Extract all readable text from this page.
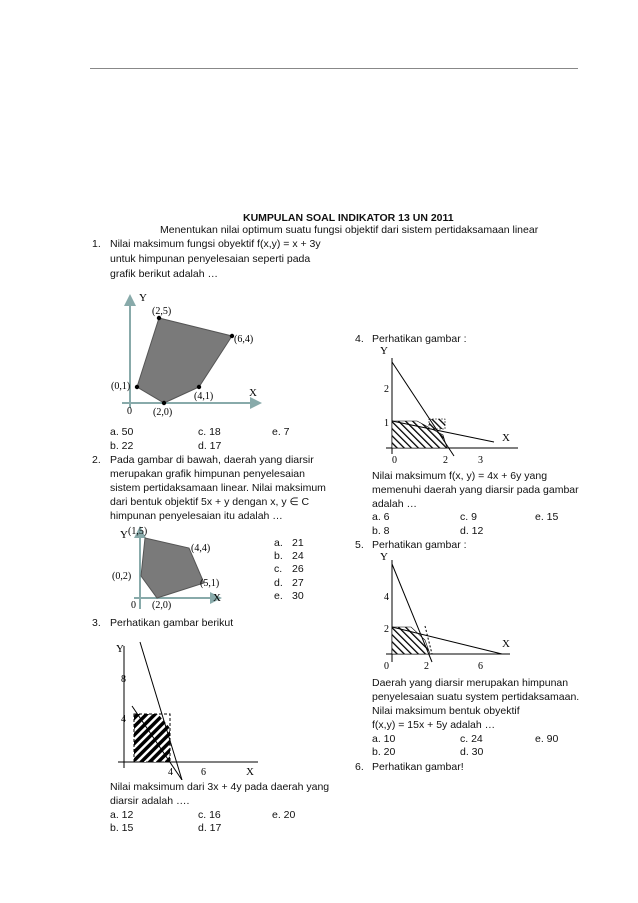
KUMPULAN SOAL INDIKATOR 13 UN 2011
Menentukan nilai optimum suatu fungsi objektif dari sistem pertidaksamaan linear
1. Nilai maksimum fungsi obyektif f(x,y) = x + 3y
untuk himpunan penyelesaian seperti pada
grafik berikut adalah …
Y
X
0
(2,5)
(6,4)
(0,1)
(4,1)
(2,0)
a. 50	c. 18	e. 7
b. 22	d. 17
2. Pada gambar di bawah, daerah yang diarsir
merupakan grafik himpunan penyelesaian
sistem pertidaksamaan linear. Nilai maksimum
dari bentuk objektif 5x + y dengan x, y ∈ C
himpunan penyelesaian itu adalah …
Y
X
0
(1,5)
(4,4)
(0,2)
(5,1)
(2,0)
a. 21
b. 24
c. 26
d. 27
e. 30
3. Perhatikan gambar berikut
Y
X
8
4
4	6
Nilai maksimum dari 3x + 4y pada daerah yang
diarsir adalah ….
a. 12	c. 16	e. 20
b. 15	d. 17
4. Perhatikan gambar :
Y
X
0
2
1
2	3
Nilai maksimum f(x, y) = 4x + 6y yang
memenuhi daerah yang diarsir pada gambar
adalah …
a. 6	c. 9	e. 15
b. 8	d. 12
5. Perhatikan gambar :
Y
X
0
4
2
2	6
Daerah yang diarsir merupakan himpunan
penyelesaian suatu system pertidaksamaan.
Nilai maksimum bentuk obyektif
f(x,y) = 15x + 5y adalah …
a. 10	c. 24	e. 90
b. 20	d. 30
6. Perhatikan gambar!
